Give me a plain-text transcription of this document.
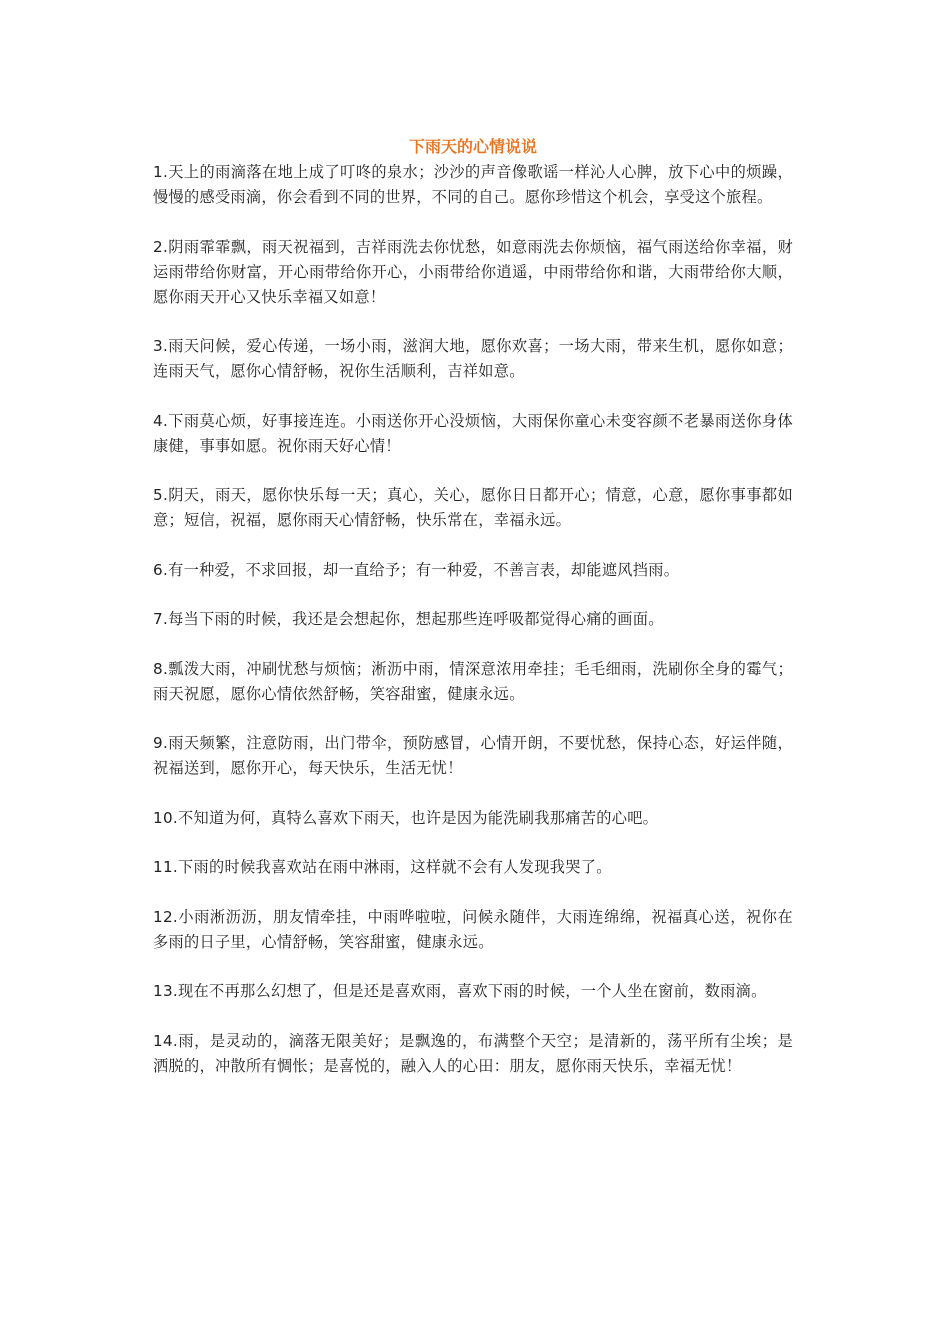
下雨天的心情说说

1.天上的雨滴落在地上成了叮咚的泉水；沙沙的声音像歌谣一样沁人心脾，放下心中的烦躁，慢慢的感受雨滴，你会看到不同的世界，不同的自己。愿你珍惜这个机会，享受这个旅程。

2.阴雨霏霏飘，雨天祝福到，吉祥雨洗去你忧愁，如意雨洗去你烦恼，福气雨送给你幸福，财运雨带给你财富，开心雨带给你开心，小雨带给你逍遥，中雨带给你和谐，大雨带给你大顺，愿你雨天开心又快乐幸福又如意！

3.雨天问候，爱心传递，一场小雨，滋润大地，愿你欢喜；一场大雨，带来生机，愿你如意；连雨天气，愿你心情舒畅，祝你生活顺利，吉祥如意。

4.下雨莫心烦，好事接连连。小雨送你开心没烦恼，大雨保你童心未变容颜不老暴雨送你身体康健，事事如愿。祝你雨天好心情！

5.阴天，雨天，愿你快乐每一天；真心，关心，愿你日日都开心；情意，心意，愿你事事都如意；短信，祝福，愿你雨天心情舒畅，快乐常在，幸福永远。

6.有一种爱，不求回报，却一直给予；有一种爱，不善言表，却能遮风挡雨。

7.每当下雨的时候，我还是会想起你，想起那些连呼吸都觉得心痛的画面。

8.瓢泼大雨，冲刷忧愁与烦恼；淅沥中雨，情深意浓用牵挂；毛毛细雨，洗刷你全身的霉气；雨天祝愿，愿你心情依然舒畅，笑容甜蜜，健康永远。

9.雨天频繁，注意防雨，出门带伞，预防感冒，心情开朗，不要忧愁，保持心态，好运伴随，祝福送到，愿你开心，每天快乐，生活无忧！

10.不知道为何，真特么喜欢下雨天，也许是因为能洗刷我那痛苦的心吧。

11.下雨的时候我喜欢站在雨中淋雨，这样就不会有人发现我哭了。

12.小雨淅沥沥，朋友情牵挂，中雨哗啦啦，问候永随伴，大雨连绵绵，祝福真心送，祝你在多雨的日子里，心情舒畅，笑容甜蜜，健康永远。

13.现在不再那么幻想了，但是还是喜欢雨，喜欢下雨的时候，一个人坐在窗前，数雨滴。

14.雨，是灵动的，滴落无限美好；是飘逸的，布满整个天空；是清新的，荡平所有尘埃；是洒脱的，冲散所有惆怅；是喜悦的，融入人的心田：朋友，愿你雨天快乐，幸福无忧！
